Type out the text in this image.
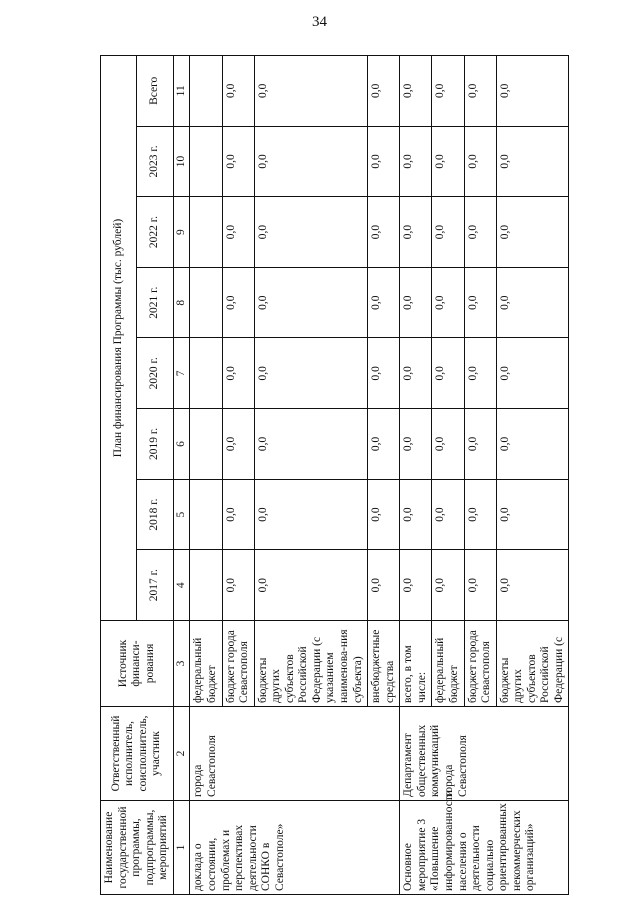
34
Наименование государственной программы, подпрограммы, мероприятий	Ответственный исполнитель, соисполнитель, участник	Источник финанси-рования	План финансирования Программы (тыс. рублей)							
			2017 г.	2018 г.	2019 г.	2020 г.	2021 г.	2022 г.	2023 г.	Всего
1	2	3	4	5	6	7	8	9	10	11
доклада о состоянии, проблемах и перспективах деятельности СОНКО в Севастополе»	города Севастополя	федеральный бюджет								
		бюджет города Севастополя	0,0	0,0	0,0	0,0	0,0	0,0	0,0	0,0
		бюджеты других субъектов Российской Федерации (с указанием наименова-ния субъекта)	0,0	0,0	0,0	0,0	0,0	0,0	0,0	0,0
		внебюджетные средства	0,0	0,0	0,0	0,0	0,0	0,0	0,0	0,0
Основное мероприятие 3 «Повышение информированности населения о деятельности социально ориентированных некоммерческих организаций»	Департамент общественных коммуникаций города Севастополя	всего, в том числе:	0,0	0,0	0,0	0,0	0,0	0,0	0,0	0,0
		федеральный бюджет	0,0	0,0	0,0	0,0	0,0	0,0	0,0	0,0
		бюджет города Севастополя	0,0	0,0	0,0	0,0	0,0	0,0	0,0	0,0
		бюджеты других субъектов Российской Федерации (с	0,0	0,0	0,0	0,0	0,0	0,0	0,0	0,0
